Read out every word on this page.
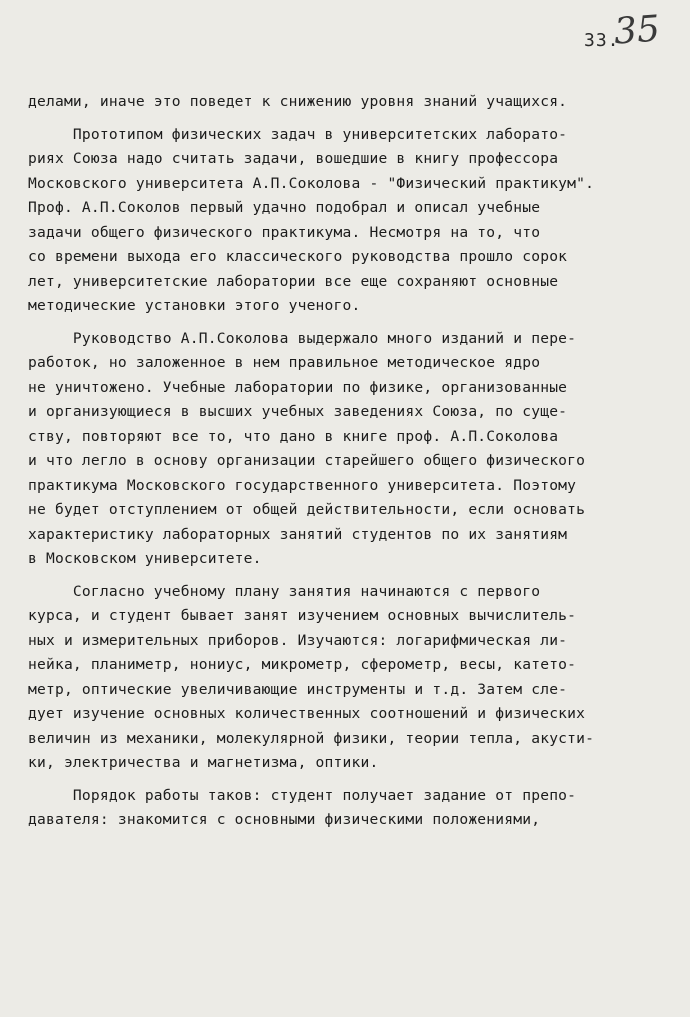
33.
35
делами, иначе это поведет к снижению уровня знаний учащихся.
Прототипом физических задач в университетских лаборато-
риях Союза надо считать задачи, вошедшие в книгу профессора
Московского университета А.П.Соколова - "Физический практикум".
Проф. А.П.Соколов первый удачно подобрал и описал учебные
задачи общего физического практикума. Несмотря на то, что
со времени выхода его классического руководства прошло сорок
лет, университетские лаборатории все еще сохраняют основные
методические установки этого ученого.
Руководство А.П.Соколова выдержало много изданий и пере-
работок, но заложенное в нем правильное методическое ядро
не уничтожено. Учебные лаборатории по физике, организованные
и организующиеся в высших учебных заведениях Союза, по суще-
ству, повторяют все то, что дано в книге проф. А.П.Соколова
и что легло в основу организации старейшего общего физического
практикума Московского государственного университета. Поэтому
не будет отступлением от общей действительности, если основать
характеристику лабораторных занятий студентов по их занятиям
в Московском университете.
Согласно учебному плану занятия начинаются с первого
курса, и студент бывает занят изучением основных вычислитель-
ных и измерительных приборов. Изучаются: логарифмическая ли-
нейка, планиметр, нониус, микрометр, сферометр, весы, катето-
метр, оптические увеличивающие инструменты и т.д. Затем сле-
дует изучение основных количественных соотношений и физических
величин из механики, молекулярной физики, теории тепла, акусти-
ки, электричества и магнетизма, оптики.
Порядок работы таков: студент получает задание от препо-
давателя: знакомится с основными физическими положениями,
